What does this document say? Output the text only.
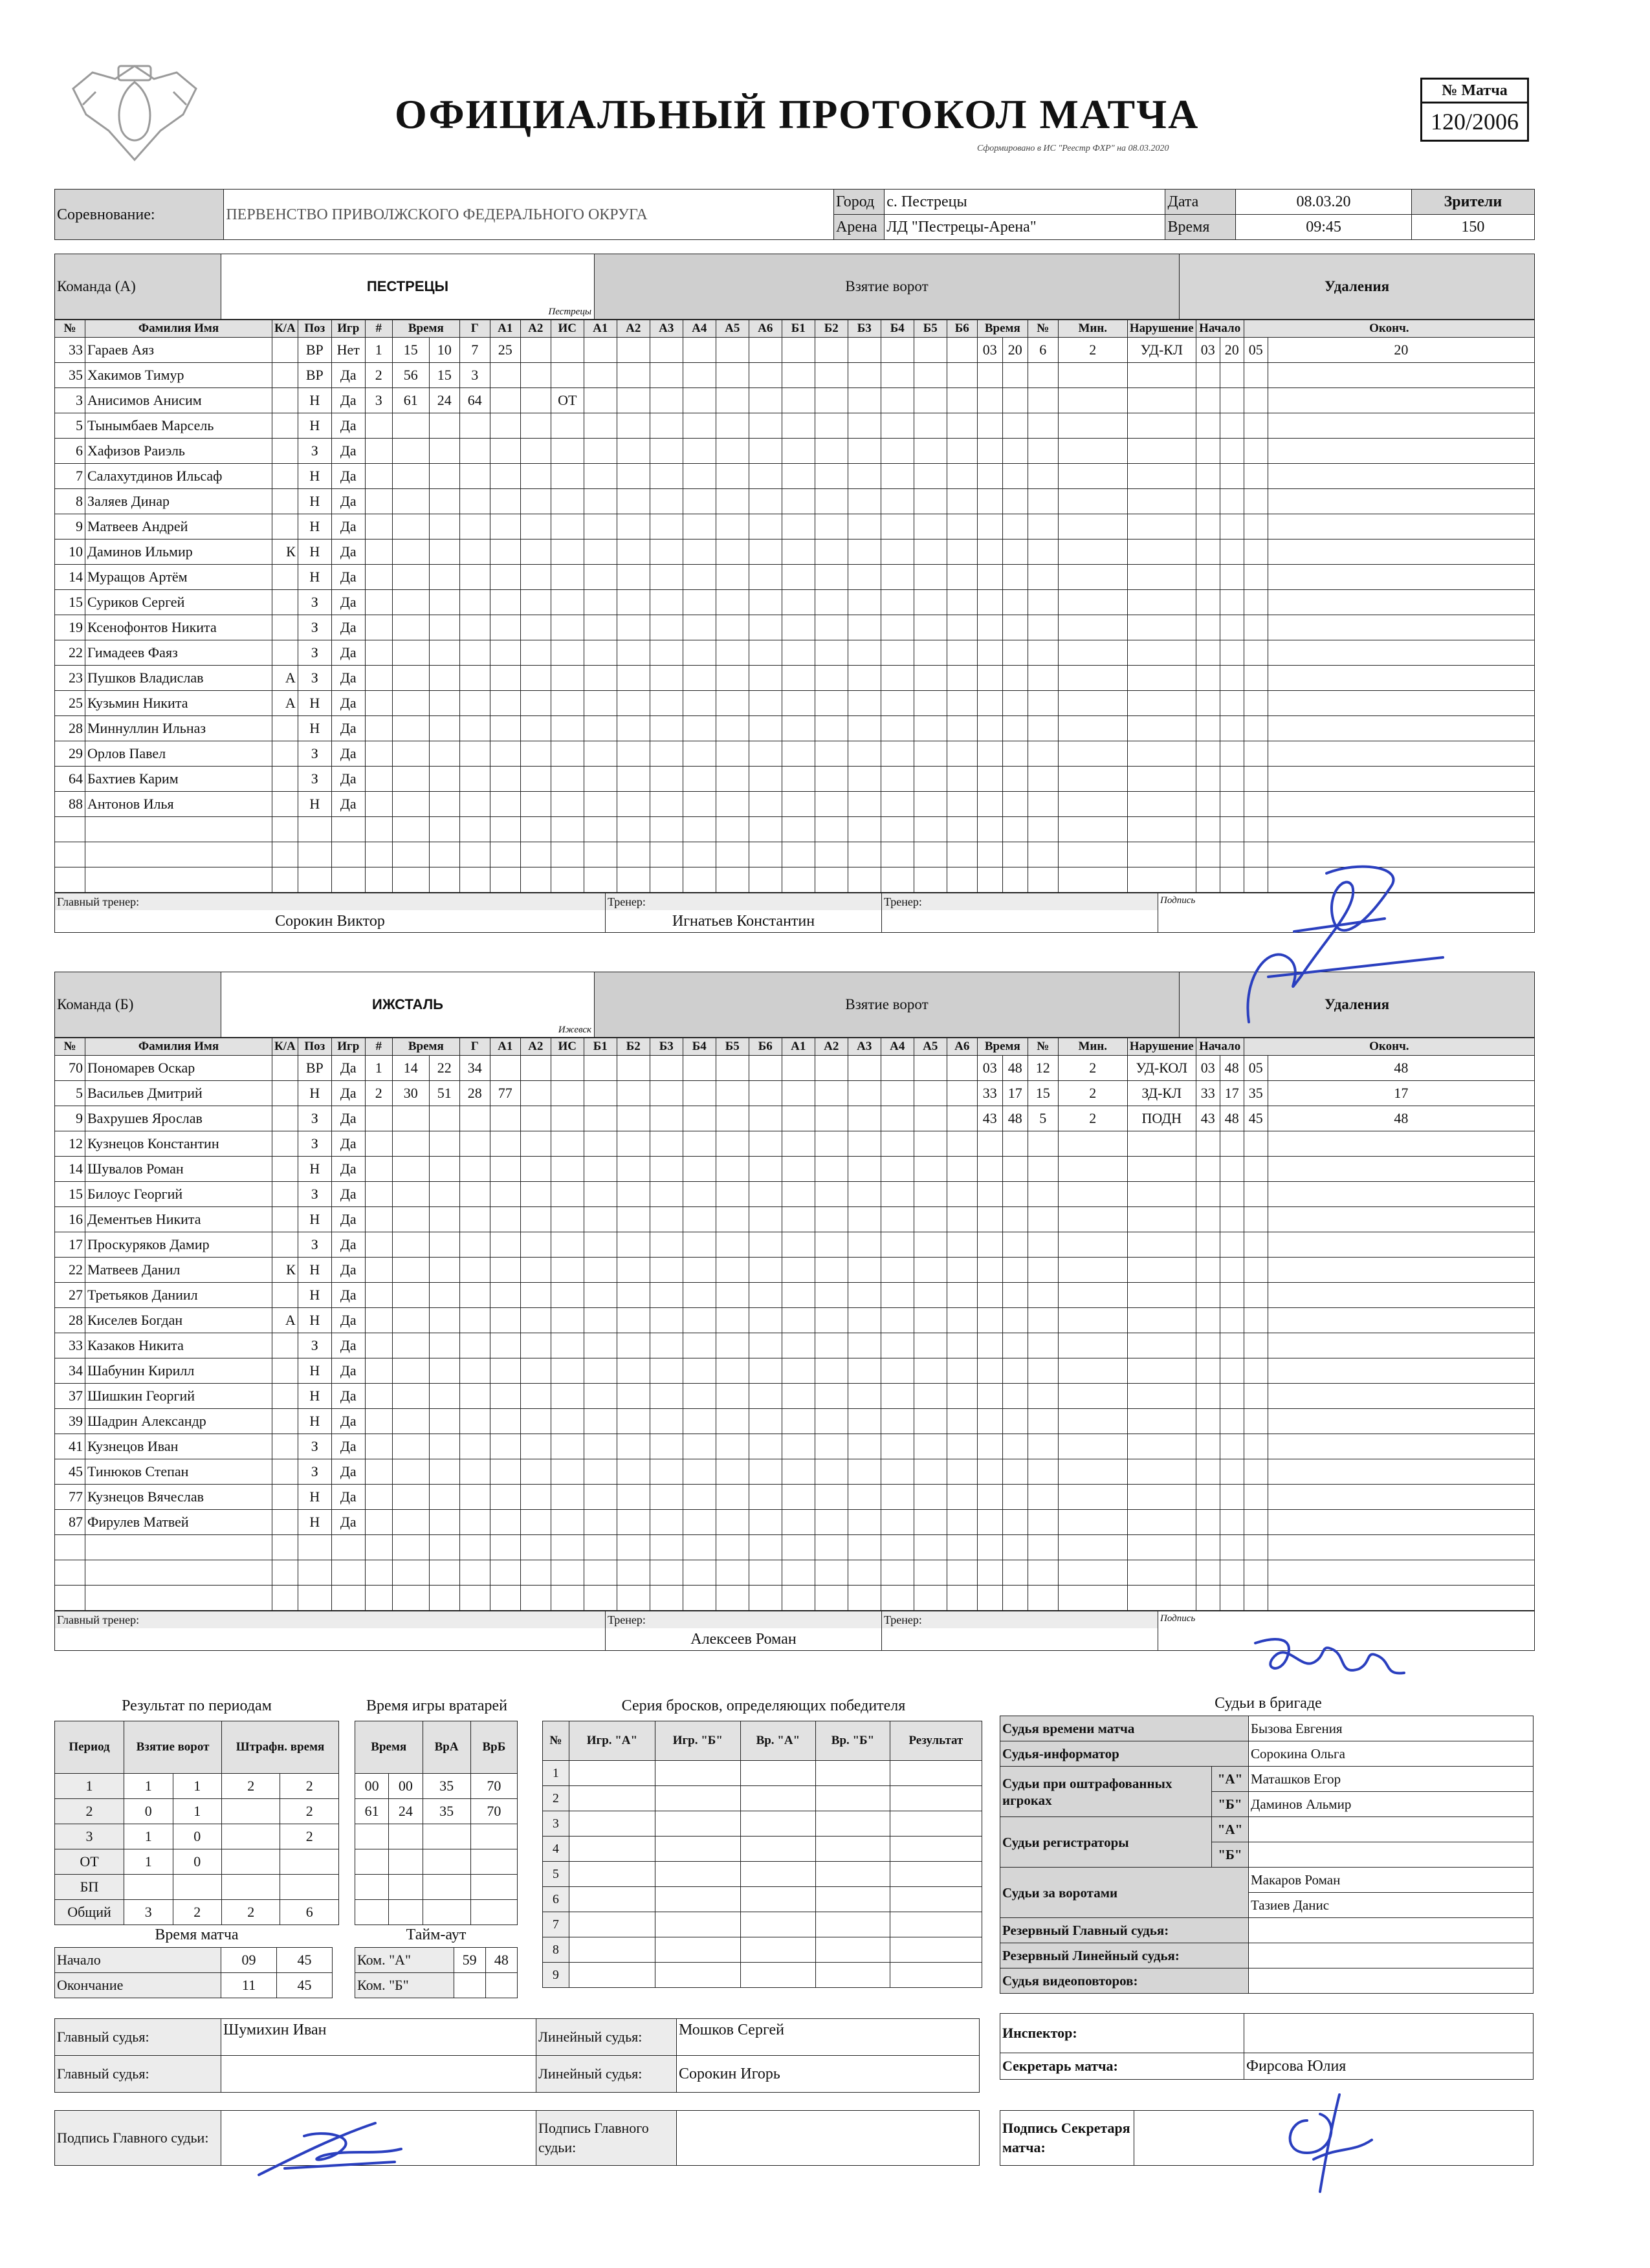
ОФИЦИАЛЬНЫЙ ПРОТОКОЛ МАТЧА
Сформировано в ИС "Реестр ФХР" на 08.03.2020
№ Матча
120/2006
Соревнование:	ПЕРВЕНСТВО ПРИВОЛЖСКОГО ФЕДЕРАЛЬНОГО ОКРУГА	Город	с. Пестрецы	Дата	08.03.20	Зрители
		Арена	ЛД "Пестрецы-Арена"	Время	09:45	150
Команда (А)	ПЕСТРЕЦЫ
Пестрецы
	Взятие ворот	Удаления
№	Фамилия Имя	К/А	Поз	Игр	#	Время		Г	А1	А2	ИС	А1	А2	А3	А4	А5	А6	Б1	Б2	Б3	Б4	Б5	Б6	Время		№	Мин.	Нарушение	Начало		Оконч.	
33	Гараев Аяз		ВР	Нет	1	15	10	7	25															03	20	6	2	УД-КЛ	03	20	05	20
35	Хакимов Тимур		ВР	Да	2	56	15	3																								
3	Анисимов Анисим		Н	Да	3	61	24	64			ОТ																					
5	Тынымбаев Марсель		Н	Да																												
6	Хафизов Раиэль		З	Да																												
7	Салахутдинов Ильсаф		Н	Да																												
8	Заляев Динар		Н	Да																												
9	Матвеев Андрей		Н	Да																												
10	Даминов Ильмир	К	Н	Да																												
14	Муращов Артём		Н	Да																												
15	Суриков Сергей		З	Да																												
19	Ксенофонтов Никита		З	Да																												
22	Гимадеев Фаяз		З	Да																												
23	Пушков Владислав	А	З	Да																												
25	Кузьмин Никита	А	Н	Да																												
28	Миннуллин Ильназ		Н	Да																												
29	Орлов Павел		З	Да																												
64	Бахтиев Карим		З	Да																												
88	Антонов Илья		Н	Да																												

Главный тренер:	Тренер:	Тренер:	Подпись
Сорокин Виктор	Игнатьев Константин		
Команда (Б)	ИЖСТАЛЬ
Ижевск
	Взятие ворот	Удаления
№	Фамилия Имя	К/А	Поз	Игр	#	Время		Г	А1	А2	ИС	Б1	Б2	Б3	Б4	Б5	Б6	А1	А2	А3	А4	А5	А6	Время		№	Мин.	Нарушение	Начало		Оконч.	
70	Пономарев Оскар		ВР	Да	1	14	22	34																03	48	12	2	УД-КОЛ	03	48	05	48
5	Васильев Дмитрий		Н	Да	2	30	51	28	77															33	17	15	2	ЗД-КЛ	33	17	35	17
9	Вахрушев Ярослав		З	Да																				43	48	5	2	ПОДН	43	48	45	48
12	Кузнецов Константин		З	Да																												
14	Шувалов Роман		Н	Да																												
15	Билоус Георгий		З	Да																												
16	Дементьев Никита		Н	Да																												
17	Проскуряков Дамир		З	Да																												
22	Матвеев Данил	К	Н	Да																												
27	Третьяков Даниил		Н	Да																												
28	Киселев Богдан	А	Н	Да																												
33	Казаков Никита		З	Да																												
34	Шабунин Кирилл		Н	Да																												
37	Шишкин Георгий		Н	Да																												
39	Шадрин Александр		Н	Да																												
41	Кузнецов Иван		З	Да																												
45	Тинюков Степан		З	Да																												
77	Кузнецов Вячеслав		Н	Да																												
87	Фирулев Матвей		Н	Да																												

Главный тренер:	Тренер:	Тренер:	Подпись
	Алексеев Роман		
Результат по периодам
Период	Взятие ворот		Штрафн. время	
1	1	1	2	2
2	0	1		2
3	1	0		2
ОТ	1	0		
БП				
Общий	3	2	2	6
Время игры вратарей
Время		ВрА	ВрБ
00	00	35	70
61	24	35	70

Время матча
Начало	09	45
Окончание	11	45
Тайм-аут
Ком. "А"	59	48
Ком. "Б"		
Серия бросков, определяющих победителя
№	Игр. "А"	Игр. "Б"	Вр. "А"	Вр. "Б"	Результат
1					
2					
3					
4					
5					
6					
7					
8					
9					
Судьи в бригаде
Судья времени матча		Бызова Евгения
Судья-информатор		Сорокина Ольга
Судьи при оштрафованных игроках	"А"	Маташков Егор
	"Б"	Даминов Альмир
Судьи регистраторы	"А"	
	"Б"	
Судьи за воротами		Макаров Роман
		Тазиев Данис
Резервный Главный судья:		
Резервный Линейный судья:		
Судья видеоповторов:		
Главный судья:	Шумихин Иван	Линейный судья:	Мошков Сергей
Главный судья:		Линейный судья:	Сорокин Игорь
Подпись Главного судьи:		Подпись Главного судьи:	
Инспектор:	
Секретарь матча:	Фирсова Юлия
Подпись Секретаря матча:	
